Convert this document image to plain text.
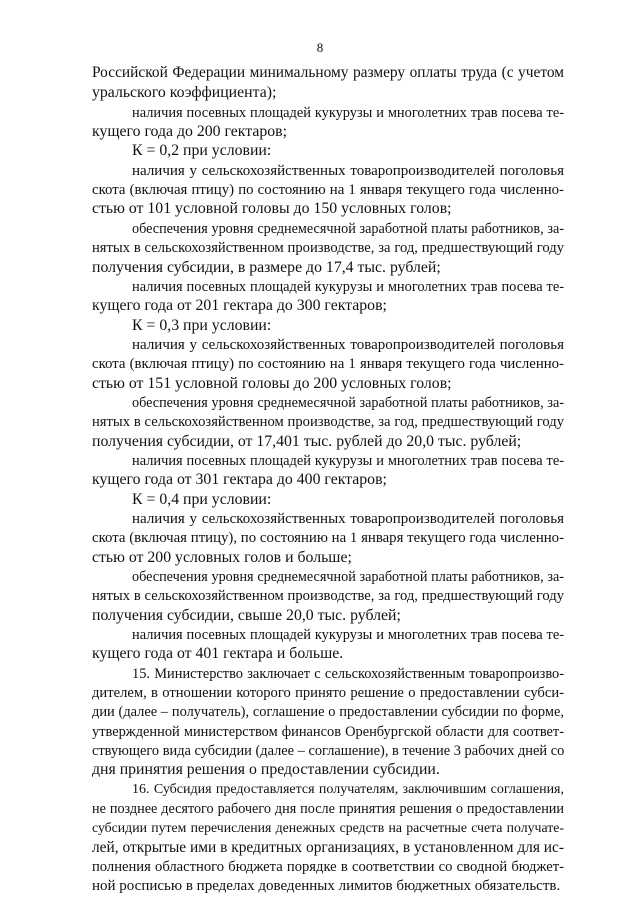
8
Российской Федерации минимальному размеру оплаты труда (с учетом
уральского коэффициента);
наличия посевных площадей кукурузы и многолетних трав посева те-
кущего года до 200 гектаров;
К = 0,2 при условии:
наличия у сельскохозяйственных товаропроизводителей поголовья
скота (включая птицу) по состоянию на 1 января текущего года численно-
стью от 101 условной головы до 150 условных голов;
обеспечения уровня среднемесячной заработной платы работников, за-
нятых в сельскохозяйственном производстве, за год, предшествующий году
получения субсидии, в размере до 17,4 тыс. рублей;
наличия посевных площадей кукурузы и многолетних трав посева те-
кущего года от 201 гектара до 300 гектаров;
К = 0,3 при условии:
наличия у сельскохозяйственных товаропроизводителей поголовья
скота (включая птицу) по состоянию на 1 января текущего года численно-
стью от 151 условной головы до 200 условных голов;
обеспечения уровня среднемесячной заработной платы работников, за-
нятых в сельскохозяйственном производстве, за год, предшествующий году
получения субсидии, от 17,401 тыс. рублей до 20,0 тыс. рублей;
наличия посевных площадей кукурузы и многолетних трав посева те-
кущего года от 301 гектара до 400 гектаров;
К = 0,4 при условии:
наличия у сельскохозяйственных товаропроизводителей поголовья
скота (включая птицу), по состоянию на 1 января текущего года численно-
стью от 200 условных голов и больше;
обеспечения уровня среднемесячной заработной платы работников, за-
нятых в сельскохозяйственном производстве, за год, предшествующий году
получения субсидии, свыше 20,0 тыс. рублей;
наличия посевных площадей кукурузы и многолетних трав посева те-
кущего года от 401 гектара и больше.
15. Министерство заключает с сельскохозяйственным товаропроизво-
дителем, в отношении которого принято решение о предоставлении субси-
дии (далее – получатель), соглашение о предоставлении субсидии по форме,
утвержденной министерством финансов Оренбургской области для соответ-
ствующего вида субсидии (далее – соглашение), в течение 3 рабочих дней со
дня принятия решения о предоставлении субсидии.
16. Субсидия предоставляется получателям, заключившим соглашения,
не позднее десятого рабочего дня после принятия решения о предоставлении
субсидии путем перечисления денежных средств на расчетные счета получате-
лей, открытые ими в кредитных организациях, в установленном для ис-
полнения областного бюджета порядке в соответствии со сводной бюджет-
ной росписью в пределах доведенных лимитов бюджетных обязательств.
